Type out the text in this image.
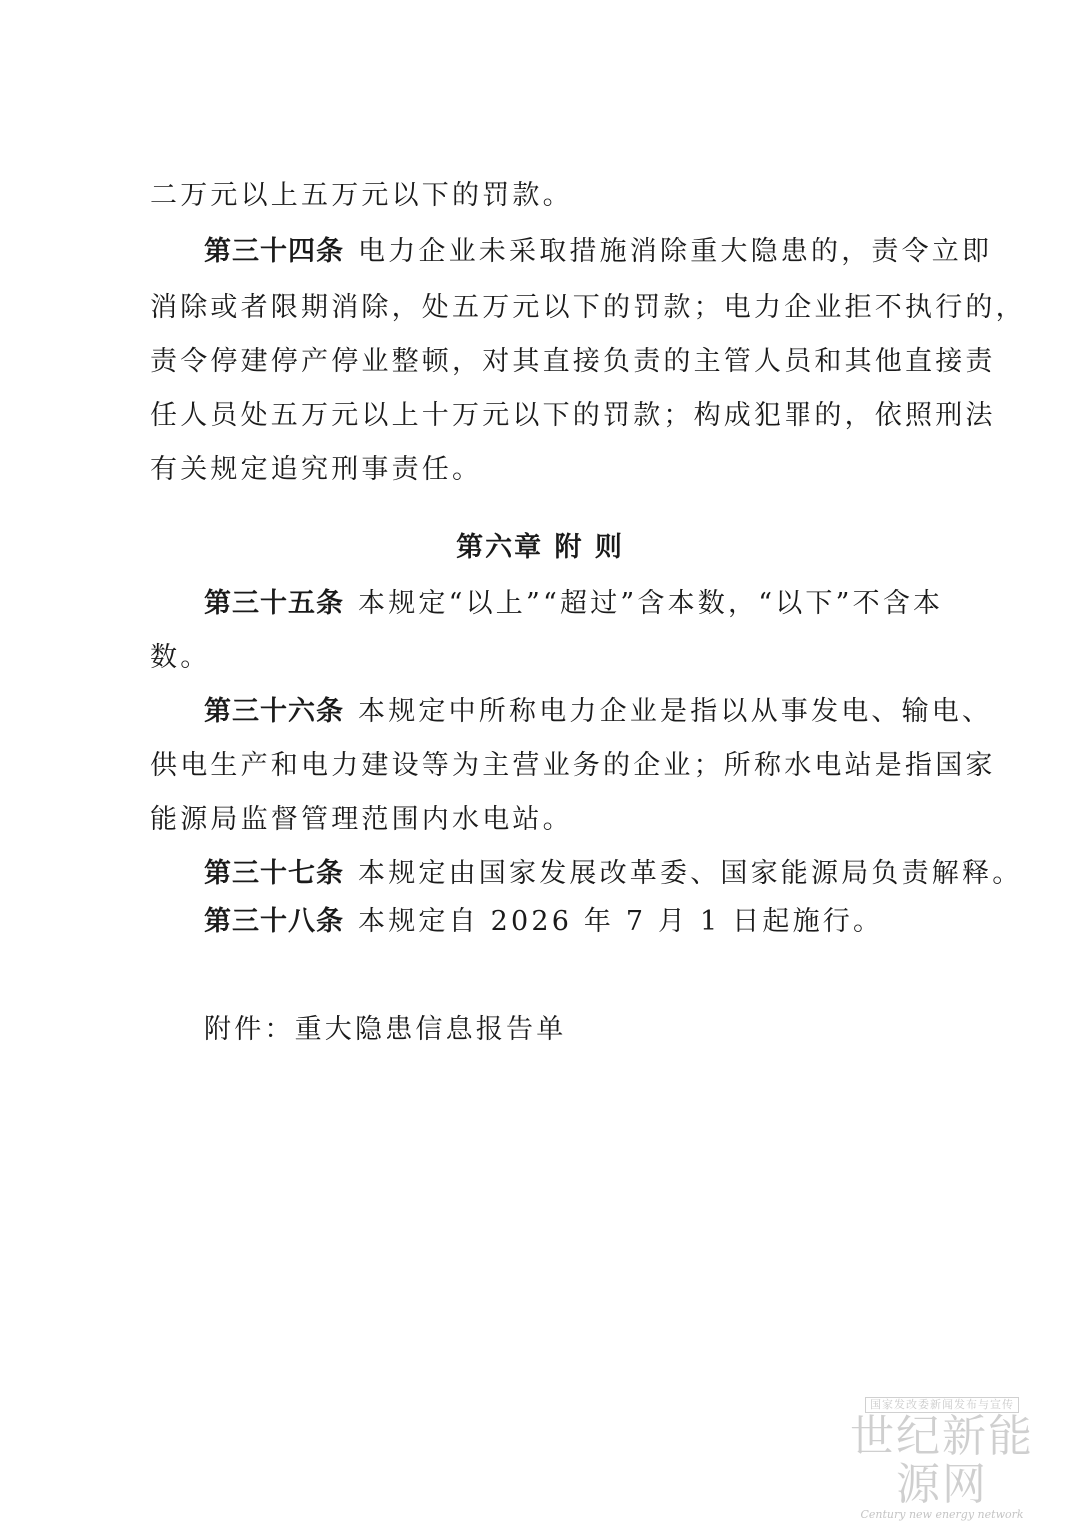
二万元以上五万元以下的罚款。
第三十四条 电力企业未采取措施消除重大隐患的，责令立即
消除或者限期消除，处五万元以下的罚款；电力企业拒不执行的，
责令停建停产停业整顿，对其直接负责的主管人员和其他直接责
任人员处五万元以上十万元以下的罚款；构成犯罪的，依照刑法
有关规定追究刑事责任。
第六章 附 则
第三十五条 本规定“以上”“超过”含本数，“以下”不含本
数。
第三十六条 本规定中所称电力企业是指以从事发电、输电、
供电生产和电力建设等为主营业务的企业；所称水电站是指国家
能源局监督管理范围内水电站。
第三十七条 本规定由国家发展改革委、国家能源局负责解释。
第三十八条 本规定自 2026 年 7 月 1 日起施行。
附件：重大隐患信息报告单
国家发改委新闻发布与宣传
世纪新能源网
Century new energy network
